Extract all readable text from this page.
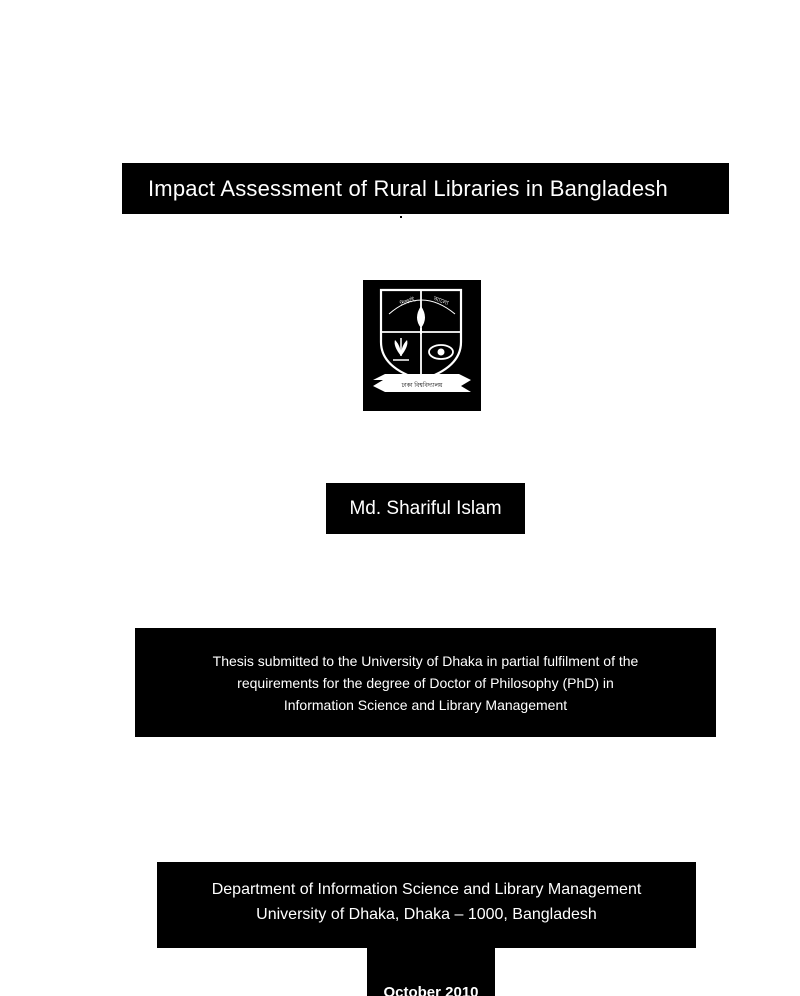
Impact Assessment of Rural Libraries in Bangladesh
শিক্ষাই	আলো
ঢাকা বিশ্ববিদ্যালয়
Md. Shariful Islam
Thesis submitted to the University of Dhaka in partial fulfilment of the
requirements for the degree of Doctor of Philosophy (PhD) in
Information Science and Library Management
Department of Information Science and Library Management
University of Dhaka, Dhaka – 1000, Bangladesh
October 2010
